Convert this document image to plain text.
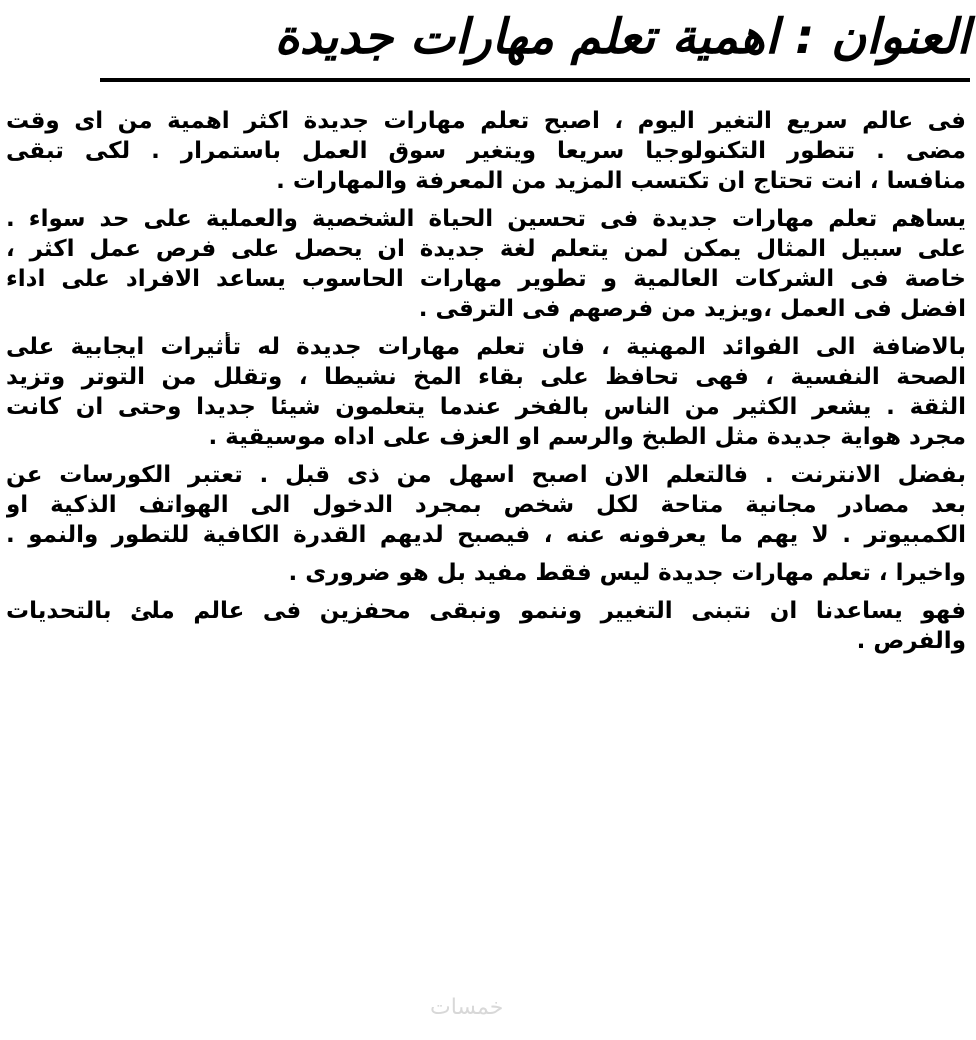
العنوان : اهمية تعلم مهارات جديدة
فى عالم سريع التغير اليوم ، اصبح تعلم مهارات جديدة اكثر اهمية من اى وقت
مضى . تتطور التكنولوجيا سريعا ويتغير سوق العمل باستمرار . لكى تبقى
منافسا ، انت تحتاج ان تكتسب المزيد من المعرفة والمهارات .
يساهم تعلم مهارات جديدة فى تحسين الحياة الشخصية والعملية على حد سواء .
على سبيل المثال يمكن لمن يتعلم لغة جديدة ان يحصل على فرص عمل اكثر ،
خاصة فى الشركات العالمية و تطوير مهارات الحاسوب يساعد الافراد على اداء
افضل فى العمل ،ويزيد من فرصهم فى الترقى .
بالاضافة الى الفوائد المهنية ، فان تعلم مهارات جديدة له تأثيرات ايجابية على
الصحة النفسية ، فهى تحافظ على بقاء المخ نشيطا ، وتقلل من التوتر وتزيد
الثقة . يشعر الكثير من الناس بالفخر عندما يتعلمون شيئا جديدا وحتى ان كانت
مجرد هواية جديدة مثل الطبخ والرسم او العزف على اداه موسيقية .
بفضل الانترنت . فالتعلم الان اصبح اسهل من ذى قبل . تعتبر الكورسات عن
بعد مصادر مجانية متاحة لكل شخص بمجرد الدخول الى الهواتف الذكية او
الكمبيوتر . لا يهم ما يعرفونه عنه ، فيصبح لديهم القدرة الكافية للتطور والنمو .
واخيرا ، تعلم مهارات جديدة ليس فقط مفيد بل هو ضرورى .
فهو يساعدنا ان نتبنى التغيير وننمو ونبقى محفزين فى عالم ملئ بالتحديات
والفرص .
خمسات
